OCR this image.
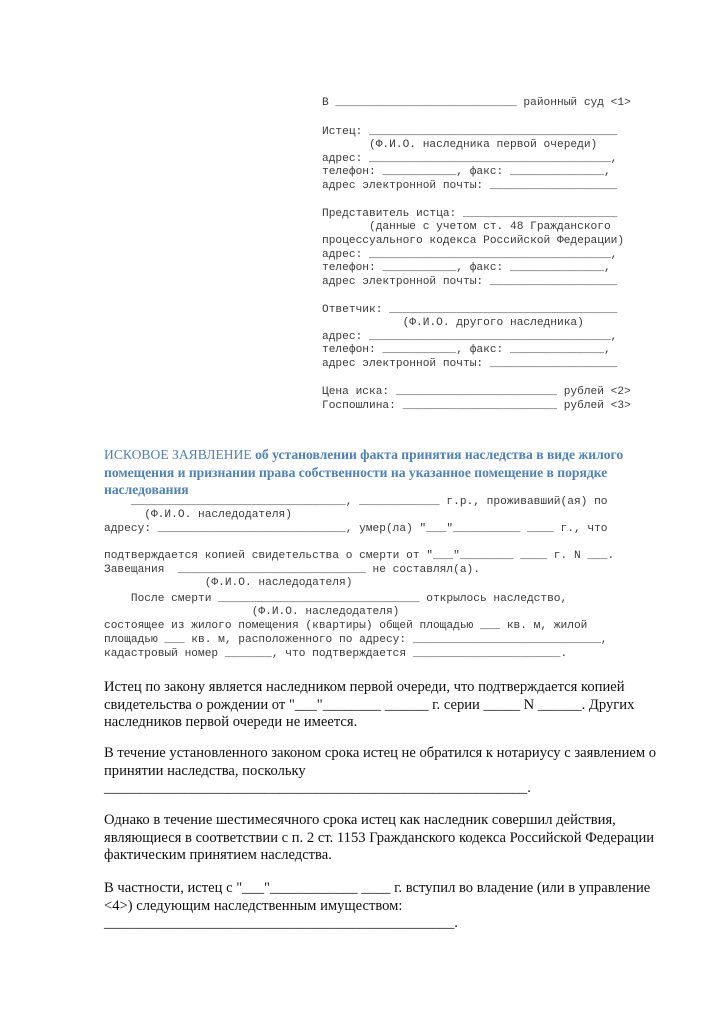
В ___________________________ районный суд <1>

Истец: _____________________________________

(Ф.И.О. наследника первой очереди)

адрес: ____________________________________,

телефон: ___________, факс: ______________,

адрес электронной почты: ___________________

Представитель истца: _______________________

(данные с учетом ст. 48 Гражданского

процессуального кодекса Российской Федерации)

адрес: ____________________________________,

телефон: ___________, факс: ______________,

адрес электронной почты: ___________________

Ответчик: __________________________________

(Ф.И.О. другого наследника)

адрес: ____________________________________,

телефон: ___________, факс: ______________,

адрес электронной почты: ___________________

Цена иска: ________________________ рублей <2>

Госпошлина: _______________________ рублей <3>

ИСКОВОЕ ЗАЯВЛЕНИЕ об установлении факта принятия наследства в виде жилого помещения и признании права собственности на указанное помещение в порядке наследования

________________________________, ____________ г.р., проживавший(ая) по

(Ф.И.О. наследодателя)

адресу: ____________________________, умер(ла) "___"__________ ____ г., что

подтверждается копией свидетельства о смерти от "___"________ ____ г. N ___.

Завещания  ____________________________ не составлял(а).

(Ф.И.О. наследодателя)

После смерти ______________________________ открылось наследство,

(Ф.И.О. наследодателя)

состоящее из жилого помещения (квартиры) общей площадью ___ кв. м, жилой

площадью ___ кв. м, расположенного по адресу: ____________________________,

кадастровый номер _______, что подтверждается ______________________.

Истец по закону является наследником первой очереди, что подтверждается копией свидетельства о рождении от "___"________ ______ г. серии _____ N ______. Других наследников первой очереди не имеется.

В течение установленного законом срока истец не обратился к нотариусу с заявлением о принятии наследства, поскольку

__________________________________________________________.

Однако в течение шестимесячного срока истец как наследник совершил действия, являющиеся в соответствии с п. 2 ст. 1153 Гражданского кодекса Российской Федерации фактическим принятием наследства.

В частности, истец с "___"____________ ____ г. вступил во владение (или в управление <4>) следующим наследственным имуществом:

________________________________________________.
